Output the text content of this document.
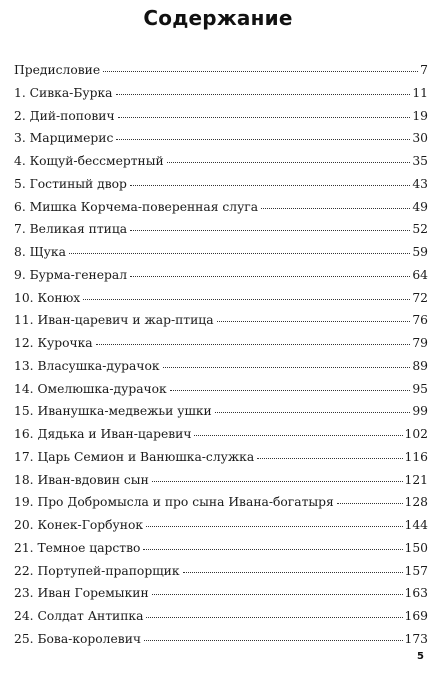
Содержание
Предисловие	7
1. Сивка-Бурка	11
2. Дий-попович	19
3. Марцимерис	30
4. Кощуй-бессмертный	35
5. Гостиный двор	43
6. Мишка Корчема-поверенная слуга	49
7. Великая птица	52
8. Щука	59
9. Бурма-генерал	64
10. Конюх	72
11. Иван-царевич и жар-птица	76
12. Курочка	79
13. Власушка-дурачок	89
14. Омелюшка-дурачок	95
15. Иванушка-медвежьи ушки	99
16. Дядька и Иван-царевич	102
17. Царь Семион и Ванюшка-служка	116
18. Иван-вдовин сын	121
19. Про Добромысла и про сына Ивана-богатыря	128
20. Конек-Горбунок	144
21. Темное царство	150
22. Портупей-прапорщик	157
23. Иван Горемыкин	163
24. Солдат Антипка	169
25. Бова-королевич	173
5
